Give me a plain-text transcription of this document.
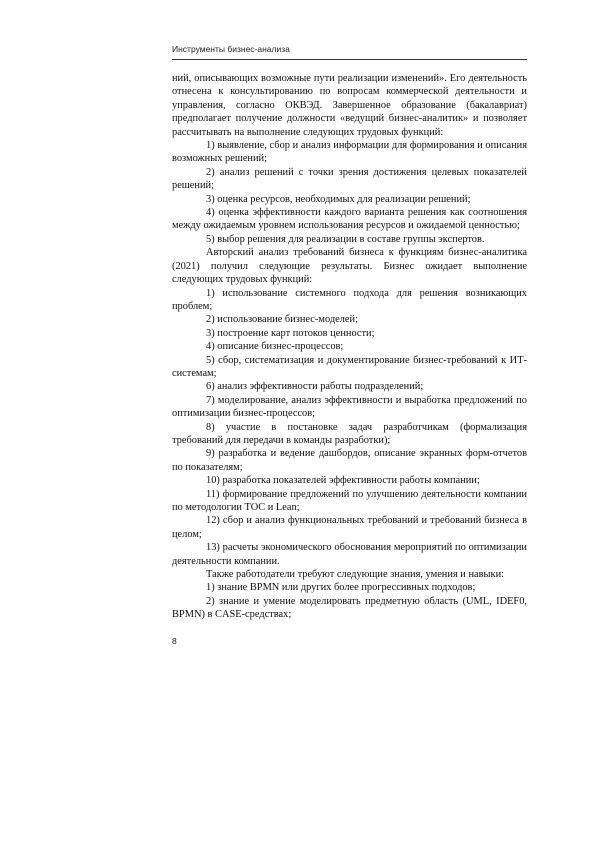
Инструменты бизнес-анализа

ний, описывающих возможные пути реализации изменений». Его деятельность отнесена к консультированию по вопросам коммерческой деятельности и управления, согласно ОКВЭД. Завершенное образование (бакалавриат) предполагает получение должности «ведущий бизнес-аналитик» и позволяет рассчитывать на выполнение следующих трудовых функций:

1) выявление, сбор и анализ информации для формирования и описания возможных решений;

2) анализ решений с точки зрения достижения целевых показателей решений;

3) оценка ресурсов, необходимых для реализации решений;

4) оценка эффективности каждого варианта решения как соотношения между ожидаемым уровнем использования ресурсов и ожидаемой ценностью;

5) выбор решения для реализации в составе группы экспертов.

Авторский анализ требований бизнеса к функциям бизнес-аналитика (2021) получил следующие результаты. Бизнес ожидает выполнение следующих трудовых функций:

1) использование системного подхода для решения возникающих проблем;

2) использование бизнес-моделей;

3) построение карт потоков ценности;

4) описание бизнес-процессов;

5) сбор, систематизация и документирование бизнес-требований к ИТ-системам;

6) анализ эффективности работы подразделений;

7) моделирование, анализ эффективности и выработка предложений по оптимизации бизнес-процессов;

8) участие в постановке задач разработчикам (формализация требований для передачи в команды разработки);

9) разработка и ведение дашбордов, описание экранных форм-отчетов по показателям;

10) разработка показателей эффективности работы компании;

11) формирование предложений по улучшению деятельности компании по методологии TOC и Lean;

12) сбор и анализ функциональных требований и требований бизнеса в целом;

13) расчеты экономического обоснования мероприятий по оптимизации деятельности компании.

Также работодатели требуют следующие знания, умения и навыки:

1) знание BPMN или других более прогрессивных подходов;

2) знание и умение моделировать предметную область (UML, IDEF0, BPMN) в CASE-средствах;

8
